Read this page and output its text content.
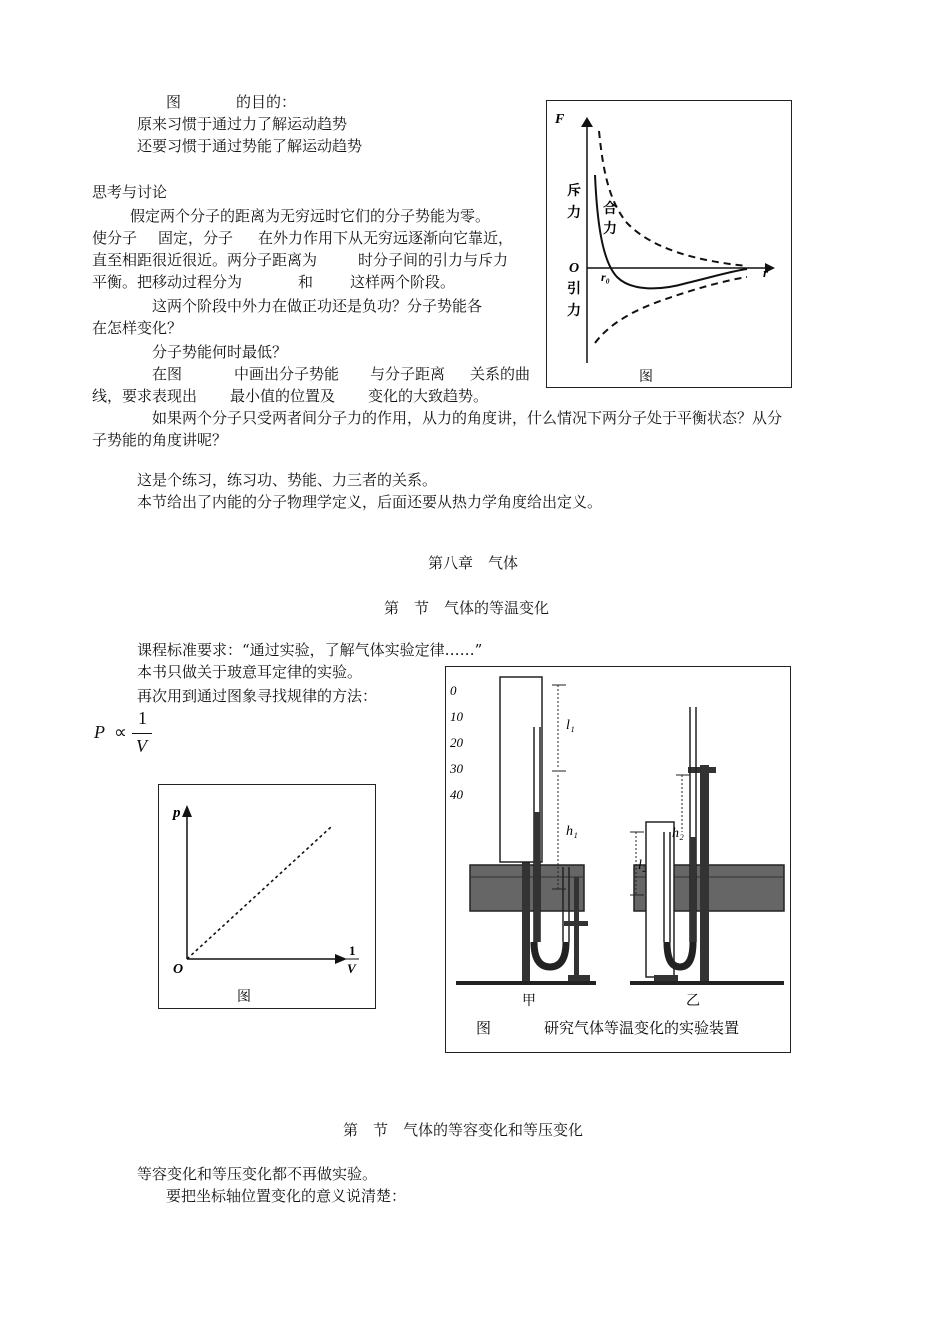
图	的目的：
原来习惯于通过力了解运动趋势
还要习惯于通过势能了解运动趋势
思考与讨论
假定两个分子的距离为无穷远时它们的分子势能为零。
使分子 固定，分子 在外力作用下从无穷远逐渐向它靠近，
直至相距很近很近。两分子距离为	时分子间的引力与斥力
平衡。把移动过程分为	和 这样两个阶段。
这两个阶段中外力在做正功还是负功？分子势能各
在怎样变化？
分子势能何时最低？
在图	中画出分子势能 与分子距离 关系的曲
线，要求表现出 最小值的位置及 变化的大致趋势。
如果两个分子只受两者间分子力的作用，从力的角度讲，什么情况下两分子处于平衡状态？从分
子势能的角度讲呢？
这是个练习，练习功、势能、力三者的关系。
本节给出了内能的分子物理学定义，后面还要从热力学角度给出定义。
F
r
O
r₀
斥
力
引
力
合
力
图
第八章　气体
第　节　气体的等温变化
课程标准要求：“通过实验，了解气体实验定律……”
本书只做关于玻意耳定律的实验。
再次用到通过图象寻找规律的方法：
P ∝
1
V
p
O
1
V
图
0
10
20
30
40
l₁
h₁
l₂
h₂
甲	乙
图	研究气体等温变化的实验装置
第　节　气体的等容变化和等压变化
等容变化和等压变化都不再做实验。
要把坐标轴位置变化的意义说清楚：
